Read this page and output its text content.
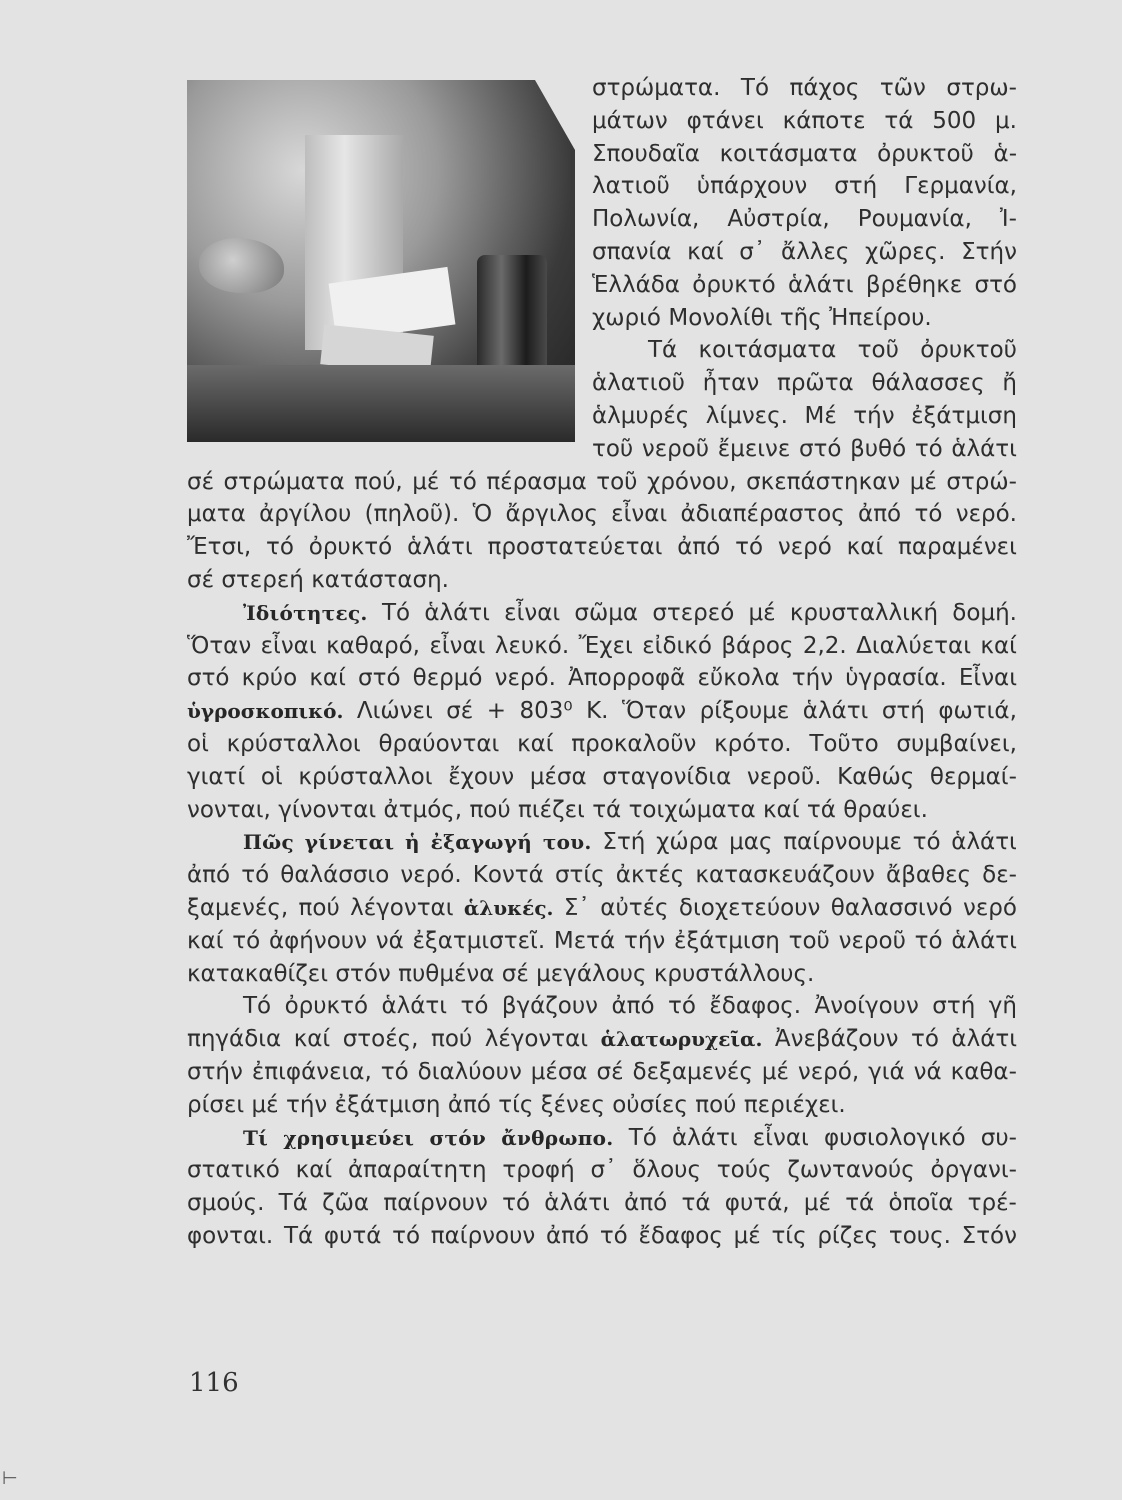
στρώματα. Τό πάχος τῶν στρω-
μάτων φτάνει κάποτε τά 500 μ.
Σπουδαῖα κοιτάσματα ὀρυκτοῦ ἁ-
λατιοῦ ὑπάρχουν στή Γερμανία,
Πολωνία, Αὐστρία, Ρουμανία, Ἰ-
σπανία καί σ᾽ ἄλλες χῶρες. Στήν
Ἑλλάδα ὀρυκτό ἁλάτι βρέθηκε στό
χωριό Μονολίθι τῆς Ἠπείρου.
Τά κοιτάσματα τοῦ ὀρυκτοῦ
ἁλατιοῦ ἦταν πρῶτα θάλασσες ἤ
ἁλμυρές λίμνες. Μέ τήν ἐξάτμιση
τοῦ νεροῦ ἔμεινε στό βυθό τό ἁλάτι
σέ στρώματα πού, μέ τό πέρασμα τοῦ χρόνου, σκεπάστηκαν μέ στρώ-
ματα ἀργίλου (πηλοῦ). Ὁ ἄργιλος εἶναι ἀδιαπέραστος ἀπό τό νερό.
Ἔτσι, τό ὀρυκτό ἁλάτι προστατεύεται ἀπό τό νερό καί παραμένει
σέ στερεή κατάσταση.
Ἰδιότητες. Τό ἁλάτι εἶναι σῶμα στερεό μέ κρυσταλλική δομή.
Ὅταν εἶναι καθαρό, εἶναι λευκό. Ἔχει εἰδικό βάρος 2,2. Διαλύεται καί
στό κρύο καί στό θερμό νερό. Ἀπορροφᾶ εὔκολα τήν ὑγρασία. Εἶναι
ὑγροσκοπικό. Λιώνει σέ + 803⁰ Κ. Ὅταν ρίξουμε ἁλάτι στή φωτιά,
οἱ κρύσταλλοι θραύονται καί προκαλοῦν κρότο. Τοῦτο συμβαίνει,
γιατί οἱ κρύσταλλοι ἔχουν μέσα σταγονίδια νεροῦ. Καθώς θερμαί-
νονται, γίνονται ἀτμός, πού πιέζει τά τοιχώματα καί τά θραύει.
Πῶς γίνεται ἡ ἐξαγωγή του. Στή χώρα μας παίρνουμε τό ἁλάτι
ἀπό τό θαλάσσιο νερό. Κοντά στίς ἀκτές κατασκευάζουν ἄβαθες δε-
ξαμενές, πού λέγονται ἁλυκές. Σ᾽ αὐτές διοχετεύουν θαλασσινό νερό
καί τό ἀφήνουν νά ἐξατμιστεῖ. Μετά τήν ἐξάτμιση τοῦ νεροῦ τό ἁλάτι
κατακαθίζει στόν πυθμένα σέ μεγάλους κρυστάλλους.
Τό ὀρυκτό ἁλάτι τό βγάζουν ἀπό τό ἔδαφος. Ἀνοίγουν στή γῆ
πηγάδια καί στοές, πού λέγονται ἁλατωρυχεῖα. Ἀνεβάζουν τό ἁλάτι
στήν ἐπιφάνεια, τό διαλύουν μέσα σέ δεξαμενές μέ νερό, γιά νά καθα-
ρίσει μέ τήν ἐξάτμιση ἀπό τίς ξένες οὐσίες πού περιέχει.
Τί χρησιμεύει στόν ἄνθρωπο. Τό ἁλάτι εἶναι φυσιολογικό συ-
στατικό καί ἀπαραίτητη τροφή σ᾽ ὅλους τούς ζωντανούς ὀργανι-
σμούς. Τά ζῶα παίρνουν τό ἁλάτι ἀπό τά φυτά, μέ τά ὁποῖα τρέ-
φονται. Τά φυτά τό παίρνουν ἀπό τό ἔδαφος μέ τίς ρίζες τους. Στόν
116
⊢
